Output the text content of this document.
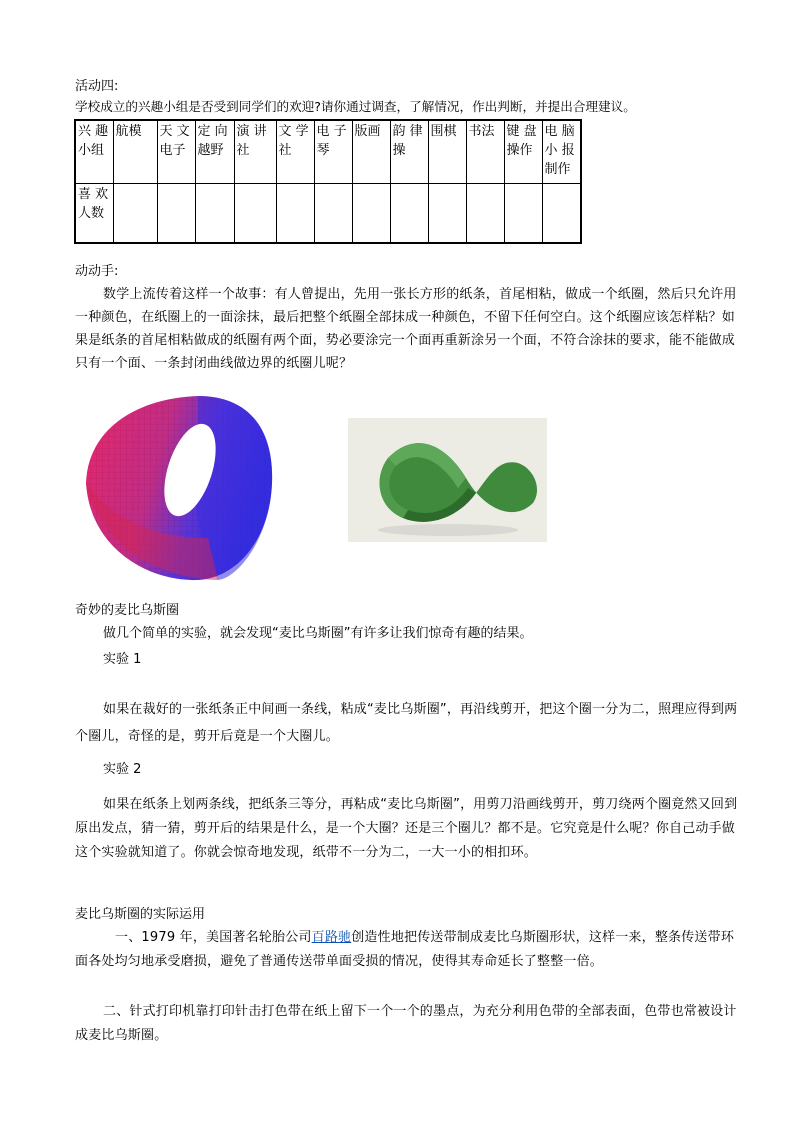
活动四:
学校成立的兴趣小组是否受到同学们的欢迎?请你通过调查，了解情况，作出判断，并提出合理建议。
兴 趣小组	航模	天 文电子	定 向越野	演 讲社	文 学社	电 子琴	版画	韵 律操	围棋	书法	键 盘操作	电 脑小 报制作
喜 欢人数												
动动手:
数学上流传着这样一个故事：有人曾提出，先用一张长方形的纸条，首尾相粘，做成一个纸圈，然后只允许用一种颜色，在纸圈上的一面涂抹，最后把整个纸圈全部抹成一种颜色，不留下任何空白。这个纸圈应该怎样粘？如果是纸条的首尾相粘做成的纸圈有两个面，势必要涂完一个面再重新涂另一个面，不符合涂抹的要求，能不能做成只有一个面、一条封闭曲线做边界的纸圈儿呢？
奇妙的麦比乌斯圈
做几个简单的实验，就会发现“麦比乌斯圈”有许多让我们惊奇有趣的结果。
实验 1
如果在裁好的一张纸条正中间画一条线，粘成“麦比乌斯圈”，再沿线剪开，把这个圈一分为二，照理应得到两个圈儿，奇怪的是，剪开后竟是一个大圈儿。
实验 2
如果在纸条上划两条线，把纸条三等分，再粘成“麦比乌斯圈”，用剪刀沿画线剪开，剪刀绕两个圈竟然又回到原出发点，猜一猜，剪开后的结果是什么，是一个大圈？还是三个圈儿？都不是。它究竟是什么呢？你自己动手做这个实验就知道了。你就会惊奇地发现，纸带不一分为二，一大一小的相扣环。
麦比乌斯圈的实际运用
一、1979 年，美国著名轮胎公司百路驰创造性地把传送带制成麦比乌斯圈形状，这样一来，整条传送带环面各处均匀地承受磨损，避免了普通传送带单面受损的情况，使得其寿命延长了整整一倍。
二、针式打印机靠打印针击打色带在纸上留下一个一个的墨点，为充分利用色带的全部表面，色带也常被设计成麦比乌斯圈。
